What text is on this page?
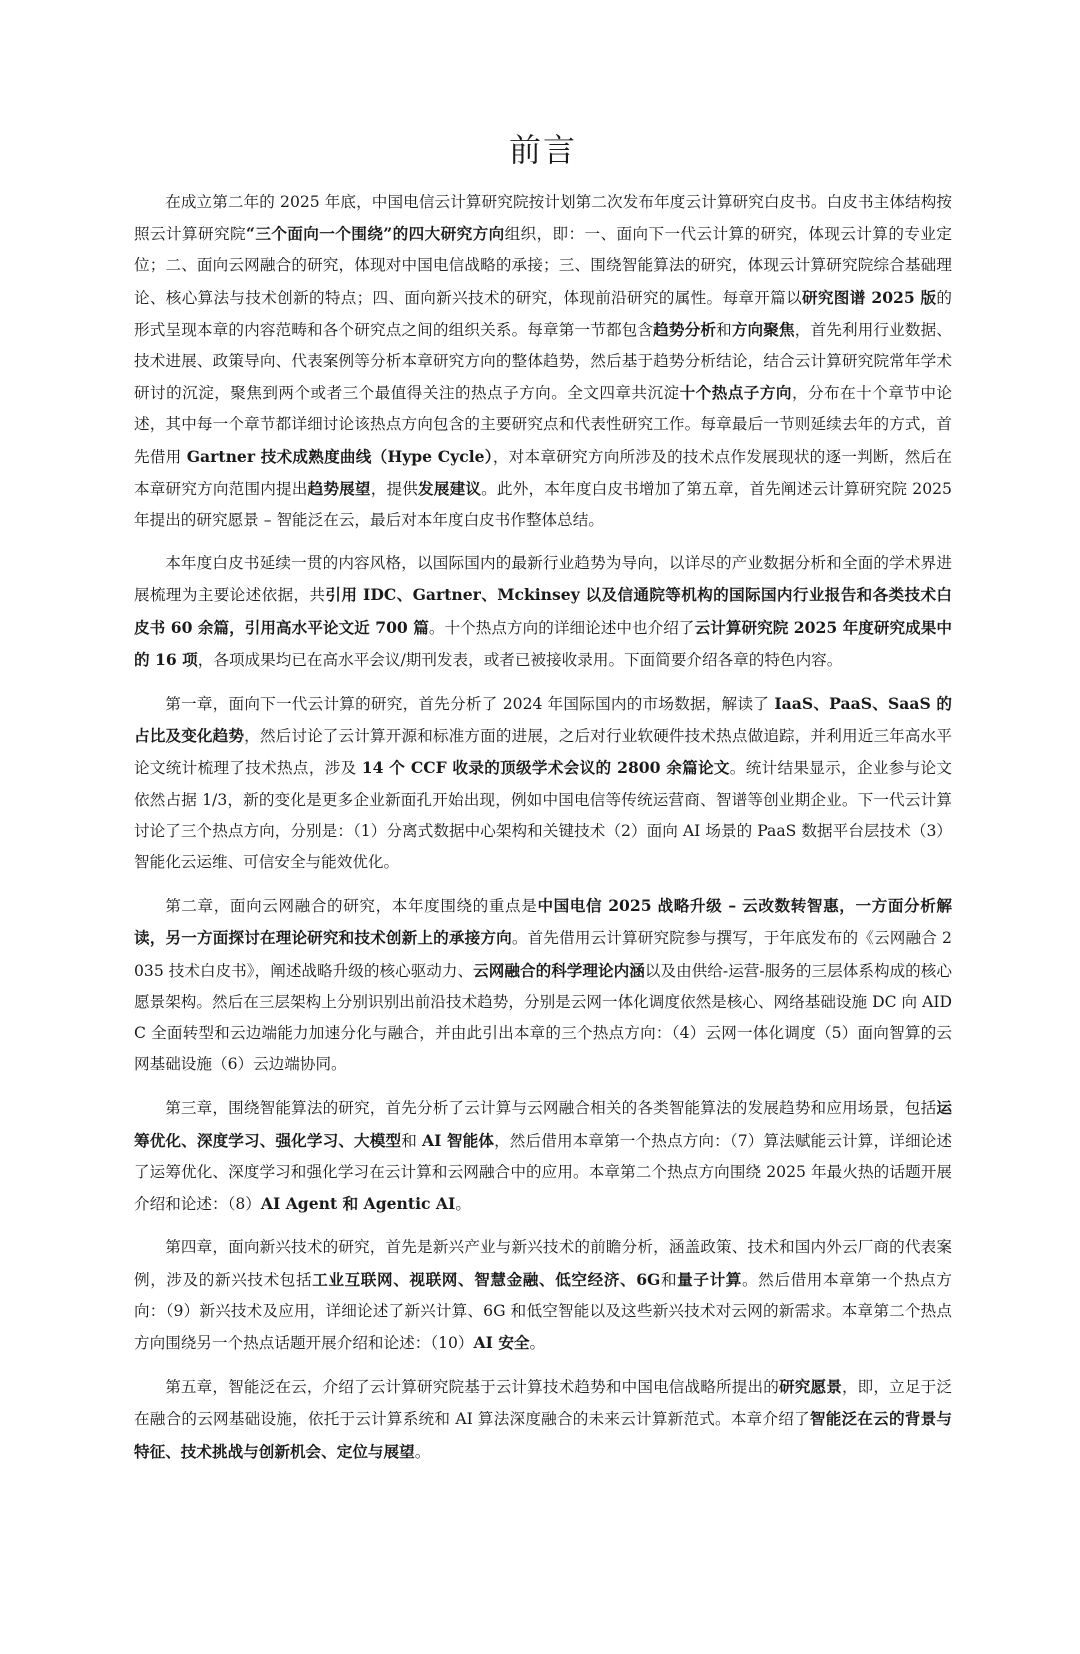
前言

在成立第二年的 2025 年底，中国电信云计算研究院按计划第二次发布年度云计算研究白皮书。白皮书主体结构按照云计算研究院“三个面向一个围绕”的四大研究方向组织，即：一、面向下一代云计算的研究，体现云计算的专业定位；二、面向云网融合的研究，体现对中国电信战略的承接；三、围绕智能算法的研究，体现云计算研究院综合基础理论、核心算法与技术创新的特点；四、面向新兴技术的研究，体现前沿研究的属性。每章开篇以研究图谱 2025 版的形式呈现本章的内容范畴和各个研究点之间的组织关系。每章第一节都包含趋势分析和方向聚焦，首先利用行业数据、技术进展、政策导向、代表案例等分析本章研究方向的整体趋势，然后基于趋势分析结论，结合云计算研究院常年学术研讨的沉淀，聚焦到两个或者三个最值得关注的热点子方向。全文四章共沉淀十个热点子方向，分布在十个章节中论述，其中每一个章节都详细讨论该热点方向包含的主要研究点和代表性研究工作。每章最后一节则延续去年的方式，首先借用 Gartner 技术成熟度曲线（Hype Cycle），对本章研究方向所涉及的技术点作发展现状的逐一判断，然后在本章研究方向范围内提出趋势展望，提供发展建议。此外，本年度白皮书增加了第五章，首先阐述云计算研究院 2025 年提出的研究愿景 – 智能泛在云，最后对本年度白皮书作整体总结。

本年度白皮书延续一贯的内容风格，以国际国内的最新行业趋势为导向，以详尽的产业数据分析和全面的学术界进展梳理为主要论述依据，共引用 IDC、Gartner、Mckinsey 以及信通院等机构的国际国内行业报告和各类技术白皮书 60 余篇，引用高水平论文近 700 篇。十个热点方向的详细论述中也介绍了云计算研究院 2025 年度研究成果中的 16 项，各项成果均已在高水平会议/期刊发表，或者已被接收录用。下面简要介绍各章的特色内容。

第一章，面向下一代云计算的研究，首先分析了 2024 年国际国内的市场数据，解读了 IaaS、PaaS、SaaS 的占比及变化趋势，然后讨论了云计算开源和标准方面的进展，之后对行业软硬件技术热点做追踪，并利用近三年高水平论文统计梳理了技术热点，涉及 14 个 CCF 收录的顶级学术会议的 2800 余篇论文。统计结果显示，企业参与论文依然占据 1/3，新的变化是更多企业新面孔开始出现，例如中国电信等传统运营商、智谱等创业期企业。下一代云计算讨论了三个热点方向，分别是：（1）分离式数据中心架构和关键技术（2）面向 AI 场景的 PaaS 数据平台层技术（3）智能化云运维、可信安全与能效优化。

第二章，面向云网融合的研究，本年度围绕的重点是中国电信 2025 战略升级 – 云改数转智惠，一方面分析解读，另一方面探讨在理论研究和技术创新上的承接方向。首先借用云计算研究院参与撰写，于年底发布的《云网融合 2035 技术白皮书》，阐述战略升级的核心驱动力、云网融合的科学理论内涵以及由供给-运营-服务的三层体系构成的核心愿景架构。然后在三层架构上分别识别出前沿技术趋势，分别是云网一体化调度依然是核心、网络基础设施 DC 向 AIDC 全面转型和云边端能力加速分化与融合，并由此引出本章的三个热点方向：（4）云网一体化调度（5）面向智算的云网基础设施（6）云边端协同。

第三章，围绕智能算法的研究，首先分析了云计算与云网融合相关的各类智能算法的发展趋势和应用场景，包括运筹优化、深度学习、强化学习、大模型和 AI 智能体，然后借用本章第一个热点方向：（7）算法赋能云计算，详细论述了运筹优化、深度学习和强化学习在云计算和云网融合中的应用。本章第二个热点方向围绕 2025 年最火热的话题开展介绍和论述：（8）AI Agent 和 Agentic AI。

第四章，面向新兴技术的研究，首先是新兴产业与新兴技术的前瞻分析，涵盖政策、技术和国内外云厂商的代表案例，涉及的新兴技术包括工业互联网、视联网、智慧金融、低空经济、6G和量子计算。然后借用本章第一个热点方向：（9）新兴技术及应用，详细论述了新兴计算、6G 和低空智能以及这些新兴技术对云网的新需求。本章第二个热点方向围绕另一个热点话题开展介绍和论述：（10）AI 安全。

第五章，智能泛在云，介绍了云计算研究院基于云计算技术趋势和中国电信战略所提出的研究愿景，即，立足于泛在融合的云网基础设施，依托于云计算系统和 AI 算法深度融合的未来云计算新范式。本章介绍了智能泛在云的背景与特征、技术挑战与创新机会、定位与展望。
